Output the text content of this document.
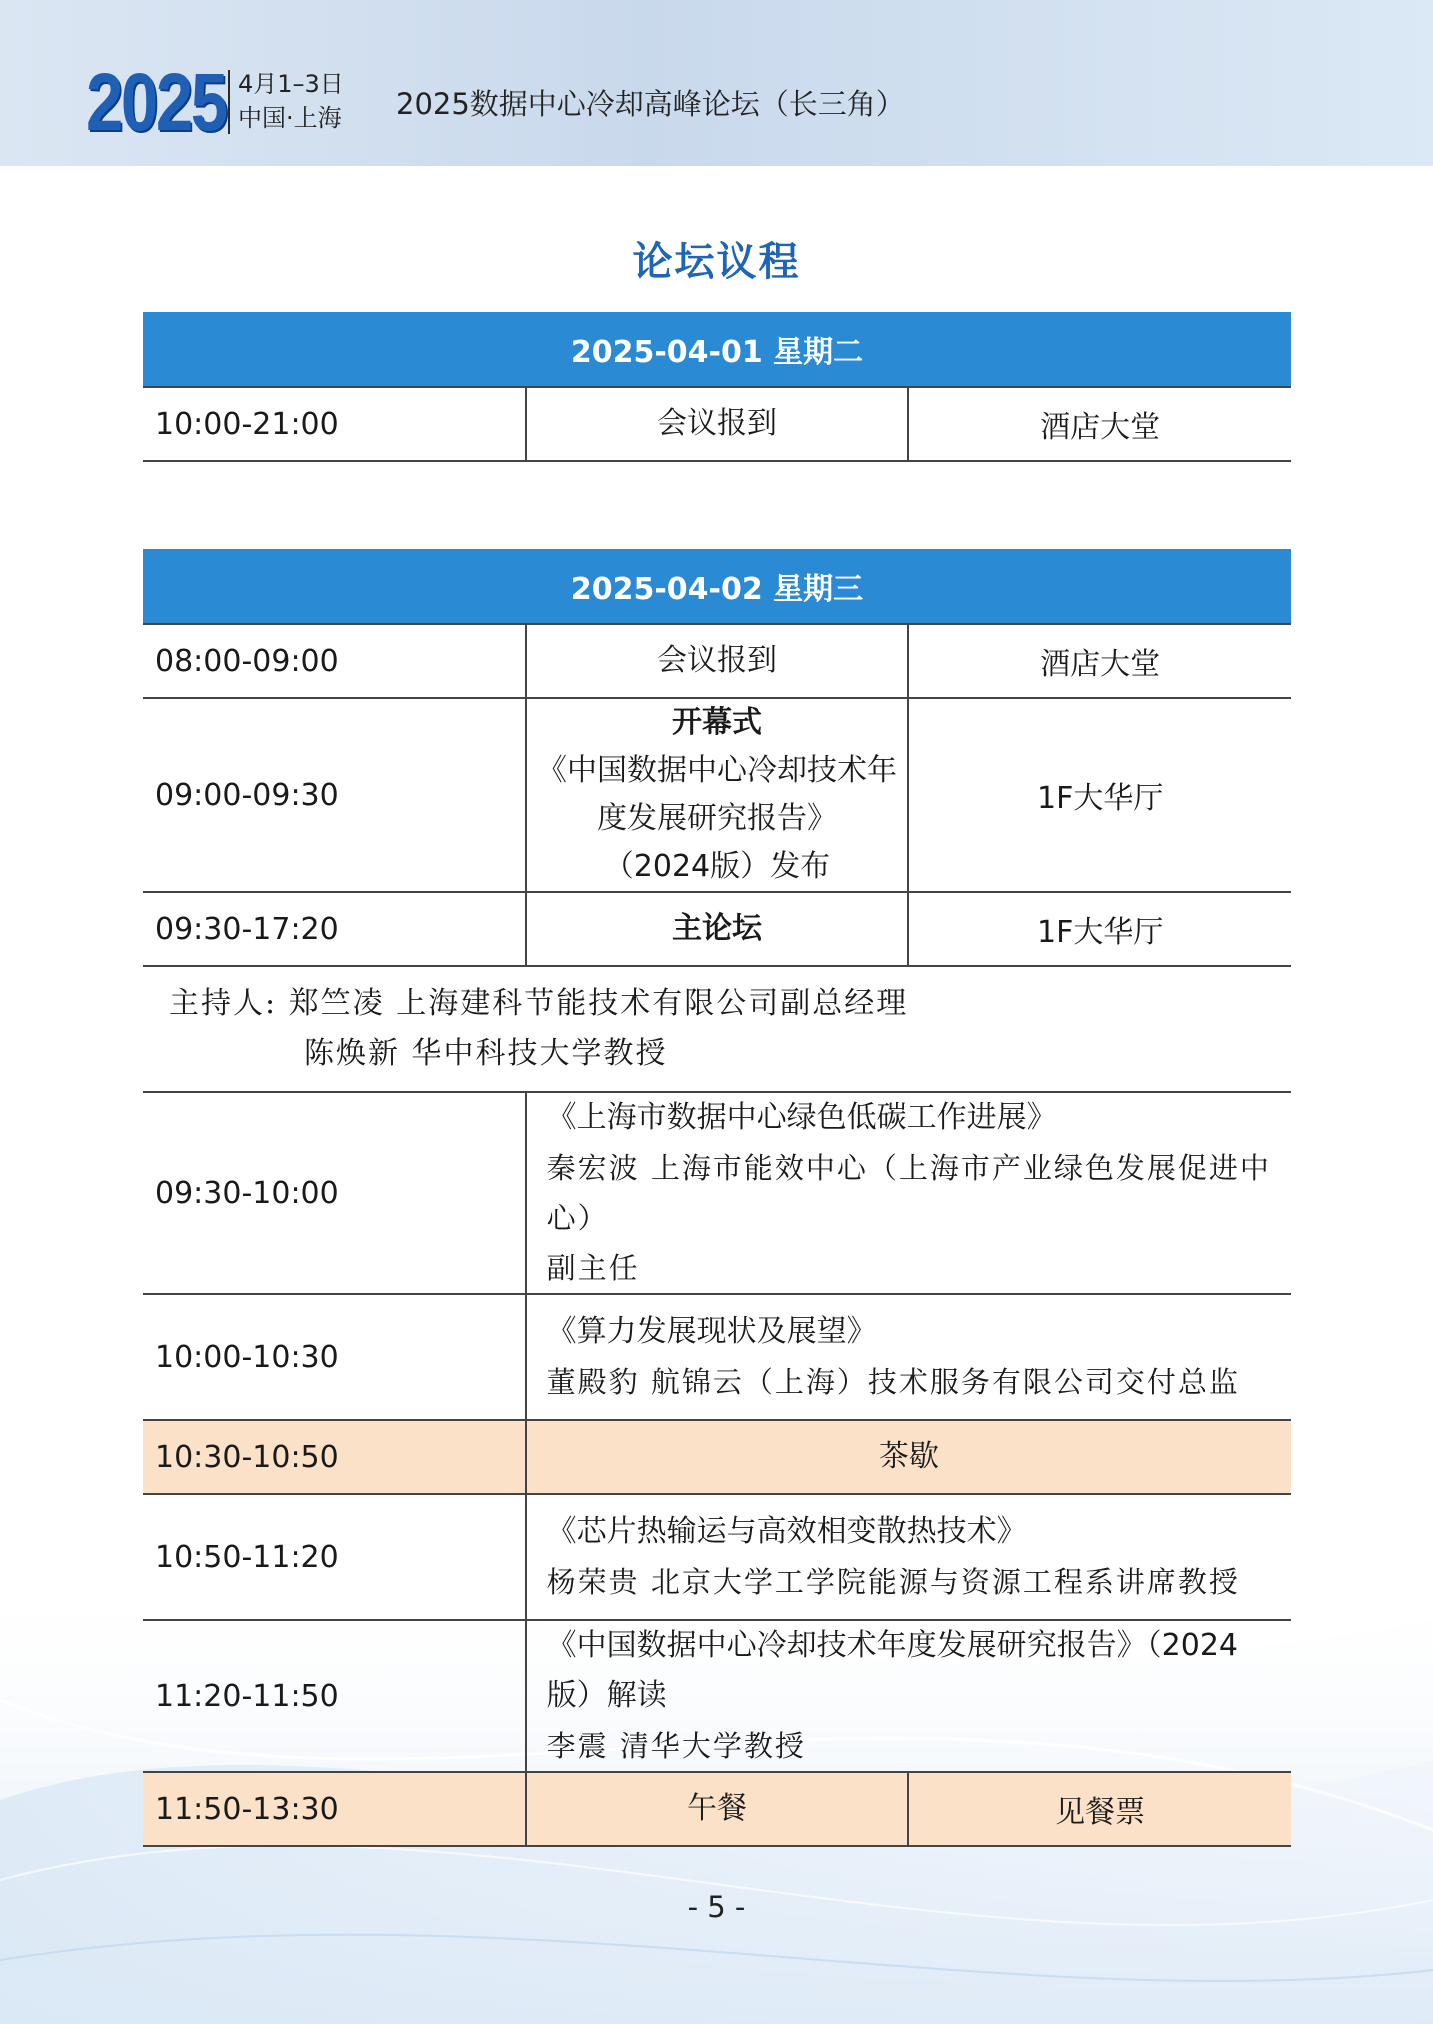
2025 4月1–3日
中国·上海 2025数据中心冷却高峰论坛（长三角）
论坛议程
2025-04-01 星期二
10:00-21:00	会议报到	酒店大堂
2025-04-02 星期三		
08:00-09:00	会议报到	酒店大堂
09:00-09:30	开幕式
《中国数据中心冷却技术年度发展研究报告》
（2024版）发布	1F大华厅
09:30-17:20	主论坛	1F大华厅

主持人: 郑竺凌 上海建科节能技术有限公司副总经理
陈焕新 华中科技大学教授		

09:30-10:00	《上海市数据中心绿色低碳工作进展》
秦宏波 上海市能效中心（上海市产业绿色发展促进中心）
副主任	

10:00-10:30	《算力发展现状及展望》
董殿豹 航锦云（上海）技术服务有限公司交付总监	

10:30-10:50	茶歇	
10:50-11:20	《芯片热输运与高效相变散热技术》
杨荣贵 北京大学工学院能源与资源工程系讲席教授	

11:20-11:50	《中国数据中心冷却技术年度发展研究报告》（2024 版）解读
李震 清华大学教授	

11:50-13:30	午餐	见餐票
- 5 -
